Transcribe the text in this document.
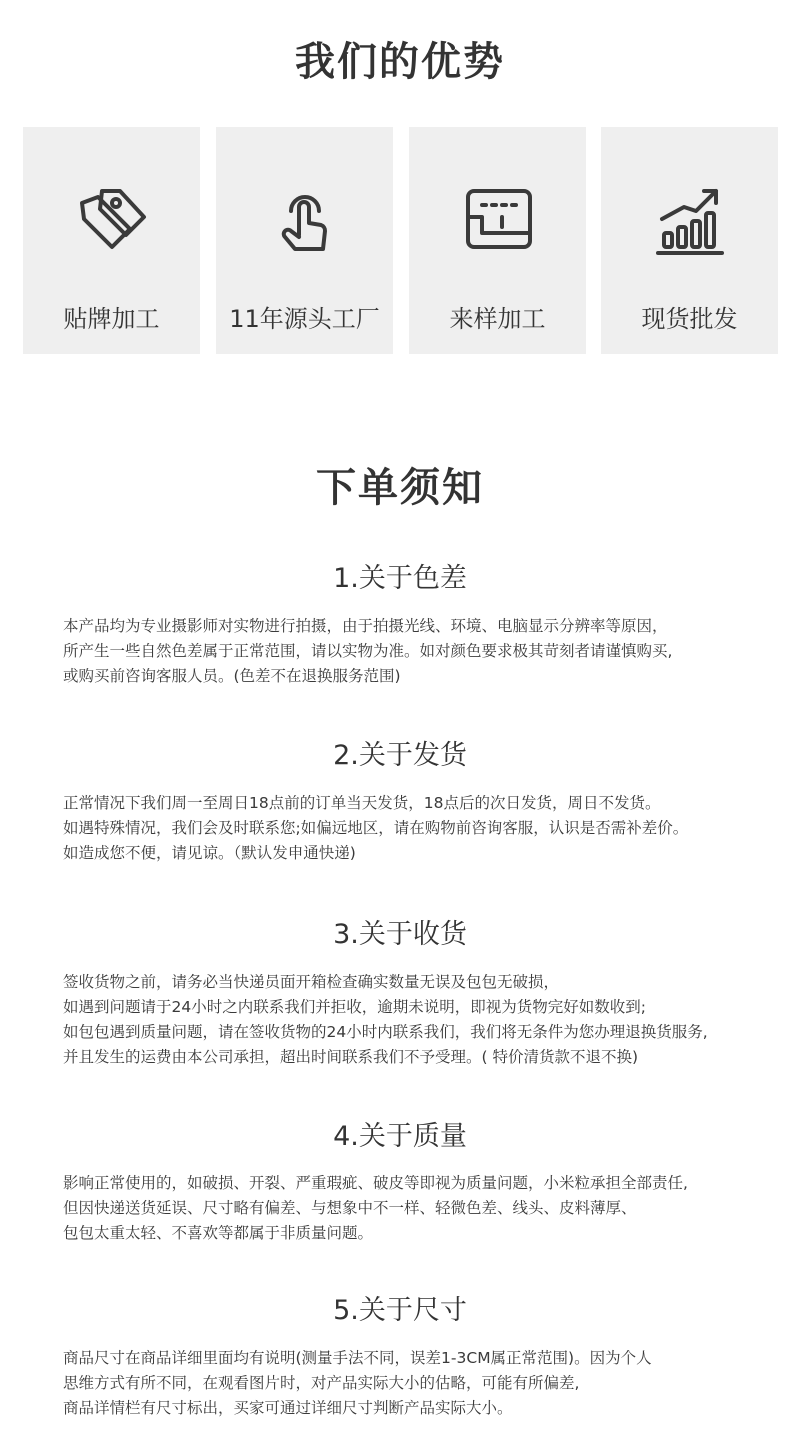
我们的优势
贴牌加工	11年源头工厂	来样加工	现货批发
下单须知
1.关于色差
本产品均为专业摄影师对实物进行拍摄，由于拍摄光线、环境、电脑显示分辨率等原因，
所产生一些自然色差属于正常范围，请以实物为准。如对颜色要求极其苛刻者请谨慎购买,
或购买前咨询客服人员。(色差不在退换服务范围)
2.关于发货
正常情况下我们周一至周日18点前的订单当天发货，18点后的次日发货，周日不发货。
如遇特殊情况，我们会及时联系您;如偏远地区，请在购物前咨询客服，认识是否需补差价。
如造成您不便，请见谅。（默认发申通快递)
3.关于收货
签收货物之前，请务必当快递员面开箱检查确实数量无误及包包无破损，
如遇到问题请于24小时之内联系我们并拒收，逾期未说明，即视为货物完好如数收到;
如包包遇到质量问题，请在签收货物的24小时内联系我们，我们将无条件为您办理退换货服务,
并且发生的运费由本公司承担，超出时间联系我们不予受理。( 特价清货款不退不换)
4.关于质量
影响正常使用的，如破损、开裂、严重瑕疵、破皮等即视为质量问题，小米粒承担全部责任,
但因快递送货延误、尺寸略有偏差、与想象中不一样、轻微色差、线头、皮料薄厚、
包包太重太轻、不喜欢等都属于非质量问题。
5.关于尺寸
商品尺寸在商品详细里面均有说明(测量手法不同，误差1-3CM属正常范围)。因为个人
思维方式有所不同，在观看图片时，对产品实际大小的估略，可能有所偏差,
商品详情栏有尺寸标出，买家可通过详细尺寸判断产品实际大小。
